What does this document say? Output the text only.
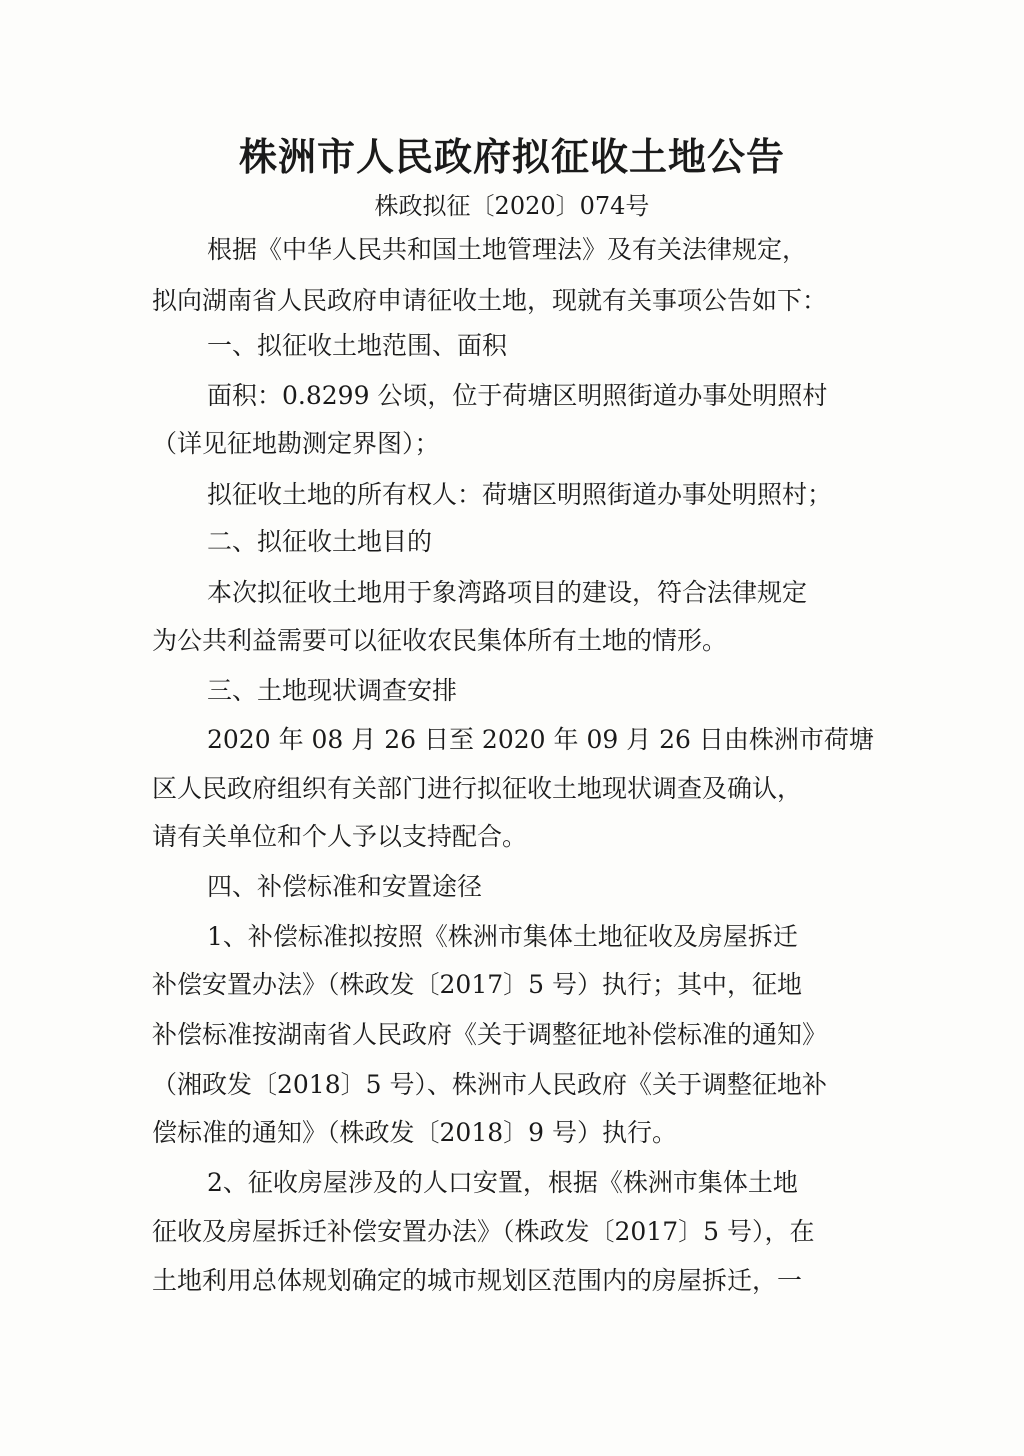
株洲市人民政府拟征收土地公告
株政拟征〔2020〕074号
根据《中华人民共和国土地管理法》及有关法律规定，
拟向湖南省人民政府申请征收土地，现就有关事项公告如下：
一、拟征收土地范围、面积
面积：0.8299 公顷，位于荷塘区明照街道办事处明照村
（详见征地勘测定界图）；
拟征收土地的所有权人：荷塘区明照街道办事处明照村；
二、拟征收土地目的
本次拟征收土地用于象湾路项目的建设，符合法律规定
为公共利益需要可以征收农民集体所有土地的情形。
三、土地现状调查安排
2020 年 08 月 26 日至 2020 年 09 月 26 日由株洲市荷塘
区人民政府组织有关部门进行拟征收土地现状调查及确认，
请有关单位和个人予以支持配合。
四、补偿标准和安置途径
1、补偿标准拟按照《株洲市集体土地征收及房屋拆迁
补偿安置办法》（株政发〔2017〕5 号）执行；其中，征地
补偿标准按湖南省人民政府《关于调整征地补偿标准的通知》
（湘政发〔2018〕5 号）、株洲市人民政府《关于调整征地补
偿标准的通知》（株政发〔2018〕9 号）执行。
2、征收房屋涉及的人口安置，根据《株洲市集体土地
征收及房屋拆迁补偿安置办法》（株政发〔2017〕5 号），在
土地利用总体规划确定的城市规划区范围内的房屋拆迁，一
